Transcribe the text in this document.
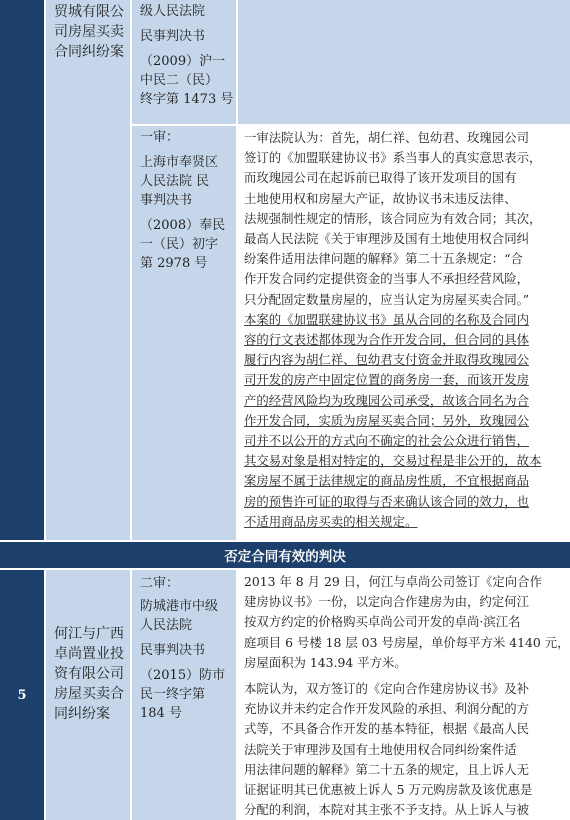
贸城有限公
司房屋买卖
合同纠纷案
级人民法院
民事判决书
（2009）沪一
中民二（民）
终字第 1473 号
一审：
上海市奉贤区
人民法院 民
事判决书
（2008）奉民
一（民）初字
第 2978 号
一审法院认为：首先，胡仁祥、包幼君、玫瑰园公司
签订的《加盟联建协议书》系当事人的真实意思表示，
而玫瑰园公司在起诉前已取得了该开发项目的国有
土地使用权和房屋大产证，故协议书未违反法律、
法规强制性规定的情形，该合同应为有效合同；其次，
最高人民法院《关于审理涉及国有土地使用权合同纠
纷案件适用法律问题的解释》第二十五条规定：“合
作开发合同约定提供资金的当事人不承担经营风险，
只分配固定数量房屋的，应当认定为房屋买卖合同。”
本案的《加盟联建协议书》虽从合同的名称及合同内
容的行文表述都体现为合作开发合同，但合同的具体
履行内容为胡仁祥、包幼君支付资金并取得玫瑰园公
司开发的房产中固定位置的商务房一套，而该开发房
产的经营风险均为玫瑰园公司承受，故该合同名为合
作开发合同，实质为房屋买卖合同；另外，玫瑰园公
司并不以公开的方式向不确定的社会公众进行销售，
其交易对象是相对特定的，交易过程是非公开的，故本
案房屋不属于法律规定的商品房性质，不宜根据商品
房的预售许可证的取得与否来确认该合同的效力，也
不适用商品房买卖的相关规定。
否定合同有效的判决
5
何江与广西
卓尚置业投
资有限公司
房屋买卖合
同纠纷案
二审：
防城港市中级
人民法院
民事判决书
（2015）防市
民一终字第
184 号
2013 年 8 月 29 日，何江与卓尚公司签订《定向合作
建房协议书》一份，以定向合作建房为由，约定何江
按双方约定的价格购买卓尚公司开发的卓尚·滨江名
庭项目 6 号楼 18 层 03 号房屋，单价每平方米 4140 元，
房屋面积为 143.94 平方米。
本院认为，双方签订的《定向合作建房协议书》及补
充协议并未约定合作开发风险的承担、利润分配的方
式等，不具备合作开发的基本特征，根据《最高人民
法院关于审理涉及国有土地使用权合同纠纷案件适
用法律问题的解释》第二十五条的规定，且上诉人无
证据证明其已优惠被上诉人 5 万元购房款及该优惠是
分配的利润，本院对其主张不予支持。从上诉人与被
